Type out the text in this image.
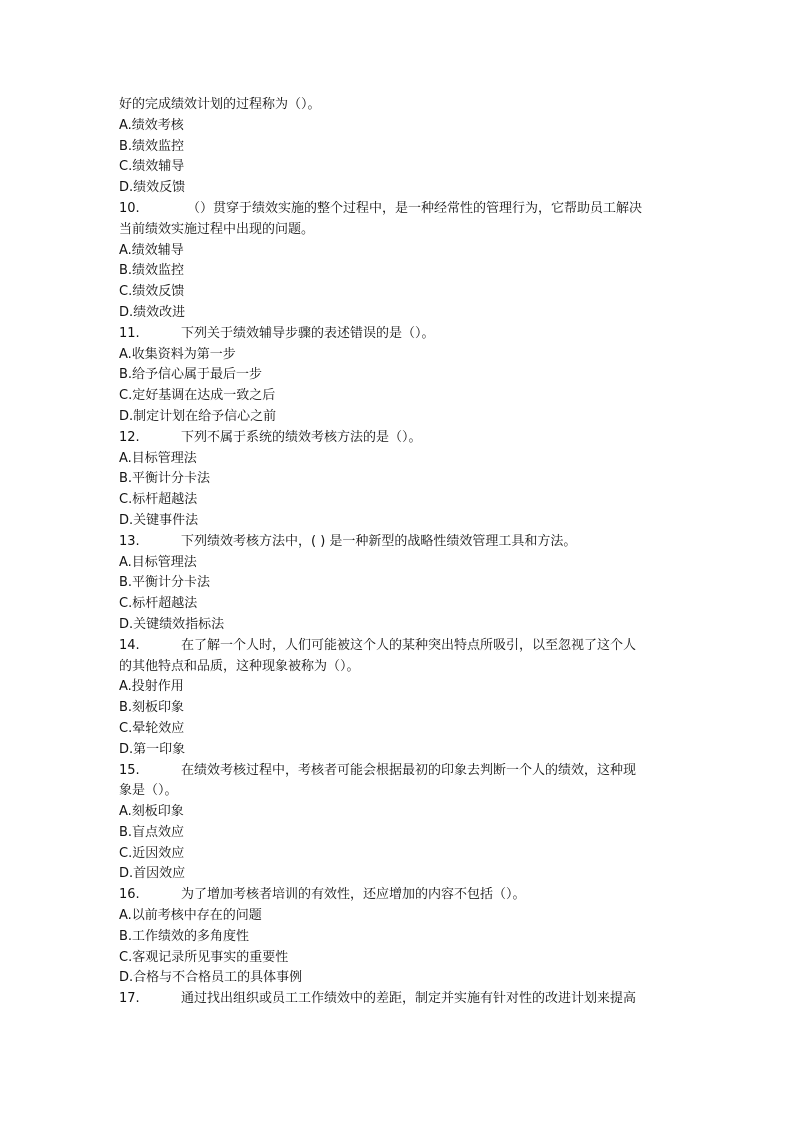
好的完成绩效计划的过程称为（）。
A.绩效考核
B.绩效监控
C.绩效辅导
D.绩效反馈
10.	（）贯穿于绩效实施的整个过程中，是一种经常性的管理行为，它帮助员工解决
当前绩效实施过程中出现的问题。
A.绩效辅导
B.绩效监控
C.绩效反馈
D.绩效改进
11.	下列关于绩效辅导步骤的表述错误的是（）。
A.收集资料为第一步
B.给予信心属于最后一步
C.定好基调在达成一致之后
D.制定计划在给予信心之前
12.	下列不属于系统的绩效考核方法的是（）。
A.目标管理法
B.平衡计分卡法
C.标杆超越法
D.关键事件法
13.	下列绩效考核方法中，( ) 是一种新型的战略性绩效管理工具和方法。
A.目标管理法
B.平衡计分卡法
C.标杆超越法
D.关键绩效指标法
14.	在了解一个人时，人们可能被这个人的某种突出特点所吸引，以至忽视了这个人
的其他特点和品质，这种现象被称为（）。
A.投射作用
B.刻板印象
C.晕轮效应
D.第一印象
15.	在绩效考核过程中，考核者可能会根据最初的印象去判断一个人的绩效，这种现
象是（）。
A.刻板印象
B.盲点效应
C.近因效应
D.首因效应
16.	为了增加考核者培训的有效性，还应增加的内容不包括（）。
A.以前考核中存在的问题
B.工作绩效的多角度性
C.客观记录所见事实的重要性
D.合格与不合格员工的具体事例
17.	通过找出组织或员工工作绩效中的差距，制定并实施有针对性的改进计划来提高
